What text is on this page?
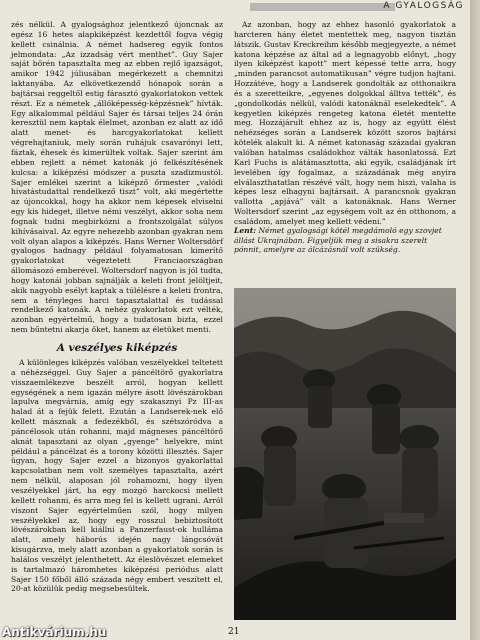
A GYALOGSÁG

zés nélkül. A gyalogsághoz jelentkező újoncnak az egész 16 hetes alapkiképzést kezdettől fogva végig kellett csinálnia. A német hadsereg egyik fontos jelmondata: „Az izzadság vért menthet”. Guy Sajer saját bőrén tapasztalta meg az ebben rejlő igazságot, amikor 1942 júliusában megérkezett a chemnitzi laktanyába. Az elkövetkezendő hónapok során a bajtársai reggeltől estig fárasztó gyakorlatokon vettek részt. Ez a németek „állóképesség-képzésnek” hívták. Egy alkalommal például Sajer és társai teljes 24 órán keresztül nem kaptak élelmet, azonban ez alatt az idő alatt menet- és harcgyakorlatokat kellett végrehajtaniuk, mely során ruhájuk csavarónyi lett, fáztak, éhesek és kimerültek voltak. Sajer szerint ám ebben rejlett a német katonák jó felkészítésének kulcsa: a kiképzési módszer a puszta szadizmustól. Sajer emlékei szerint a kiképző őrmester „valódi hivatástudattal rendelkező tiszt” volt, aki megértette az újoncokkal, hogy ha akkor nem képesek elviselni egy kis hideget, illetve némi veszélyt, akkor soha nem fognak tudni megbirkózni a frontszolgálat súlyos kihívásaival. Az egyre nehezebb azonban gyakran nem volt olyan alapos a kiképzés. Hans Werner Woltersdörf gyalogos hadnagy például folyamatosan kimerítő gyakorlatokat végeztetett Franciaországban állomásozó emberével. Woltersdorf nagyon is jól tudta, hogy katonái jobban sajnálják a keleti front jelöltjeit, akik nagyobb esélyt kaptak a túlélésre a keleti frontra, sem a tényleges harci tapasztalattal és tudással rendelkező katonák. A nehéz gyakorlatok ezt vélték, azonban egyértelmű, hogy a tudatosan bizta, ezzel nem bűntetni akarja őket, hanem az életüket menti.

A veszélyes kiképzés

A különleges kiképzés valóban veszélyekkel teltetett a néhézséggel. Guy Sajer a páncéltörő gyakorlatra visszaemlékezve beszélt arról, hogyan kellett egységének a nem igazán mélyre ásott lövészárokban lapulva megvárnia, amíg egy szakasznyi Pz III-as halad át a fejük felett. Ezután a Landserek-nek elő kellett másznak a fedezékből, és szétszóródva a páncélosok után rohanni, majd mágneses páncéltörő aknát tapasztani az olyan „gyenge” helyekre, mint például a páncélzat és a torony közötti illesztés. Sajer ügyan, hogy Sajer ezzel a bizonyos gyakorlattal kapcsolatban nem volt személyes tapasztalta, azért nem nélkül, alaposan jól rohamozni, hogy ilyen veszélyekkel járt, ha egy mozgó harckocsi mellett kellett rohanni, és arra meg fel is kellett ugrani. Arról viszont Sajer egyértelműen szól, hogy milyen veszélyekkel az, hogy egy rosszul bebiztosított lövészárokban kell kiállni a Panzerfaust-ok hulláma alatt, amely háborús idején nagy lángcsóvát kisugárzva, mely alatt azonban a gyakorlatok során is halálos veszélyt jelenthetett. Az éleslövészet elemeket is tartalmazó háromhetes kiképzési periódus alatt Sajer 150 főből álló százada négy embert veszített el, 20-at közülük pedig megsebesültek.

Az azonban, hogy az ehhez hasonló gyakorlatok a harcteren hány életet mentettek meg, nagyon tisztán látszik. Gustav Kreckreihm később megjegyezte, a német katona képzése az által ad a legnagyobb előnyt, „hogy ilyen kiképzést kapott” mert képessé tette arra, hogy „minden parancsot automatikusan” végre tudjon hajtani. Hozzátéve, hogy a Landserek gondolták az otthonaikra és a szeretteikre, „egyenes dolgokkal álltva tették”, és „gondolkodás nélkül, valódi katonáknál eselekedtek”. A kegyetlen kiképzés rengeteg katona életét mentette meg. Hozzájárult ehhez az is, hogy az együtt élést nehézséges során a Landserek között szoros bajtársi kötelék alakult ki. A német katonaság századai gyakran valóban hatalmas családokhoz válták hasonlatossá. Ezt Karl Fuchs is alátámasztotta, aki egyik, családjának írt levelében így fogalmaz, a századának még anyira elválaszthatatlan részévé vált, hogy nem hiszi, valaha is képes lesz elhagyni bajtársait. A parancsnok gyakran vallotta „apjává” vált a katonáknak. Hans Werner Woltersdorf szerint „az egységem volt az én otthonom, a családom, amelyet meg kellett védeni.”

Lent: Német gyalogsági kötél megdámoló egy szovjet állást Ukrajnában. Figyeljük meg a sisakra szerelt pónnit, amelyre az álcázásnál volt szükség.
21
Antikvárium.hu
